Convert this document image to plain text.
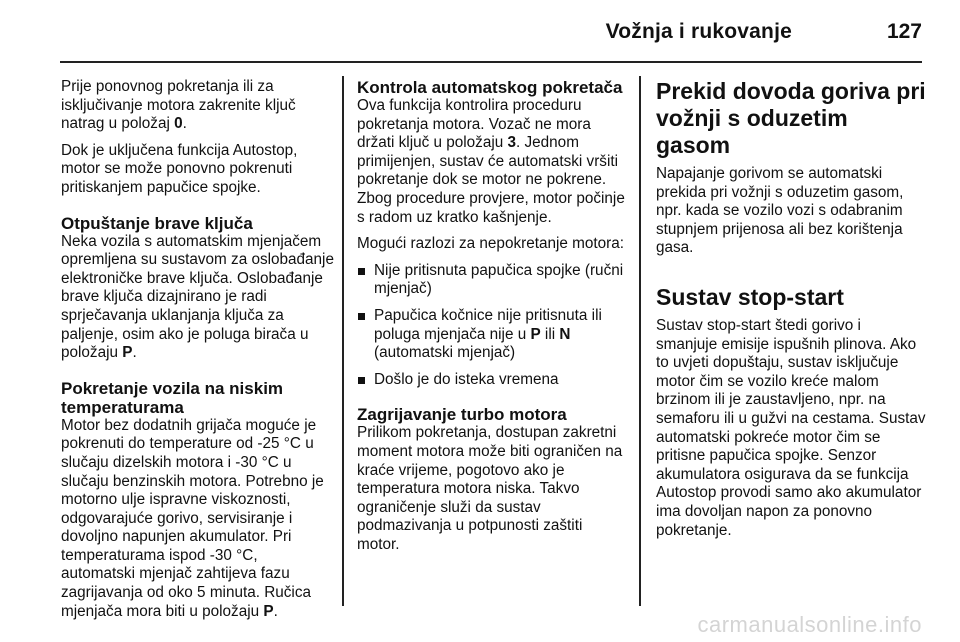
Vožnja i rukovanje	127

Prije ponovnog pokretanja ili za isključivanje motora zakrenite ključ natrag u položaj 0.

Dok je uključena funkcija Autostop, motor se može ponovno pokrenuti pritiskanjem papučice spojke.

Otpuštanje brave ključa

Neka vozila s automatskim mjenjačem opremljena su sustavom za oslobađanje elektroničke brave ključa. Oslobađanje brave ključa dizajnirano je radi sprječavanja uklanjanja ključa za paljenje, osim ako je poluga birača u položaju P.

Pokretanje vozila na niskim temperaturama

Motor bez dodatnih grijača moguće je pokrenuti do temperature od -25 °C u slučaju dizelskih motora i -30 °C u slučaju benzinskih motora. Potrebno je motorno ulje ispravne viskoznosti, odgovarajuće gorivo, servisiranje i dovoljno napunjen akumulator. Pri temperaturama ispod -30 °C, automatski mjenjač zahtijeva fazu zagrijavanja od oko 5 minuta. Ručica mjenjača mora biti u položaju P.

Kontrola automatskog pokretača

Ova funkcija kontrolira proceduru pokretanja motora. Vozač ne mora držati ključ u položaju 3. Jednom primijenjen, sustav će automatski vršiti pokretanje dok se motor ne pokrene. Zbog procedure provjere, motor počinje s radom uz kratko kašnjenje.

Mogući razlozi za nepokretanje motora:

Nije pritisnuta papučica spojke (ručni mjenjač)
Papučica kočnice nije pritisnuta ili poluga mjenjača nije u P ili N (automatski mjenjač)
Došlo je do isteka vremena
Zagrijavanje turbo motora

Prilikom pokretanja, dostupan zakretni moment motora može biti ograničen na kraće vrijeme, pogotovo ako je temperatura motora niska. Takvo ograničenje služi da sustav podmazivanja u potpunosti zaštiti motor.

Prekid dovoda goriva pri vožnji s oduzetim gasom

Napajanje gorivom se automatski prekida pri vožnji s oduzetim gasom, npr. kada se vozilo vozi s odabranim stupnjem prijenosa ali bez korištenja gasa.

Sustav stop-start

Sustav stop-start štedi gorivo i smanjuje emisije ispušnih plinova. Ako to uvjeti dopuštaju, sustav isključuje motor čim se vozilo kreće malom brzinom ili je zaustavljeno, npr. na semaforu ili u gužvi na cestama. Sustav automatski pokreće motor čim se pritisne papučica spojke. Senzor akumulatora osigurava da se funkcija Autostop provodi samo ako akumulator ima dovoljan napon za ponovno pokretanje.

carmanualsonline.info
